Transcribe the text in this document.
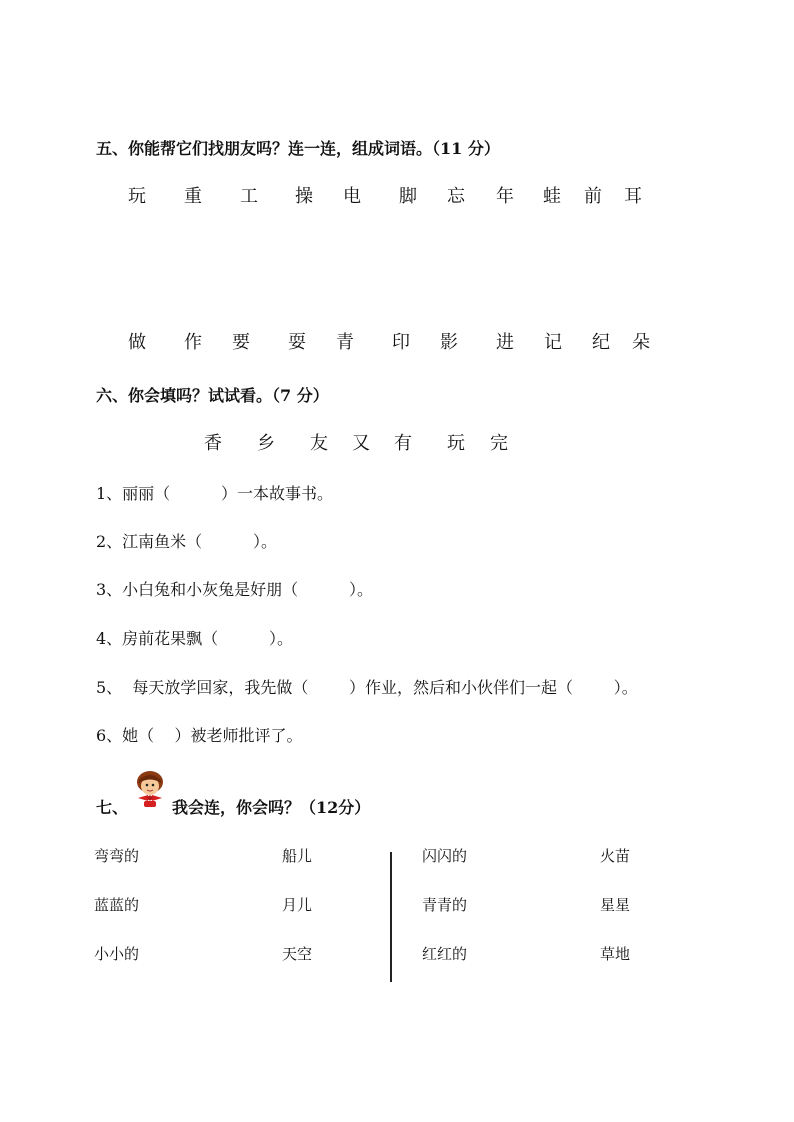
五、你能帮它们找朋友吗？连一连，组成词语。（11 分）
玩 重 工 操 电 脚 忘 年 蛙 前 耳
做 作 要 耍 青 印 影 进 记 纪 朵
六、你会填吗？试试看。（7 分）
香 乡 友 又 有 玩 完
1、丽丽（          ）一本故事书。
2、江南鱼米（          ）。
3、小白兔和小灰兔是好朋（          ）。
4、房前花果飘（          ）。
5、  每天放学回家，我先做（        ）作业，然后和小伙伴们一起（        ）。
6、她（    ）被老师批评了。
七、	我会连，你会吗？（12分）
弯弯的
蓝蓝的
小小的
船儿
月儿
天空
闪闪的
青青的
红红的
火苗
星星
草地
